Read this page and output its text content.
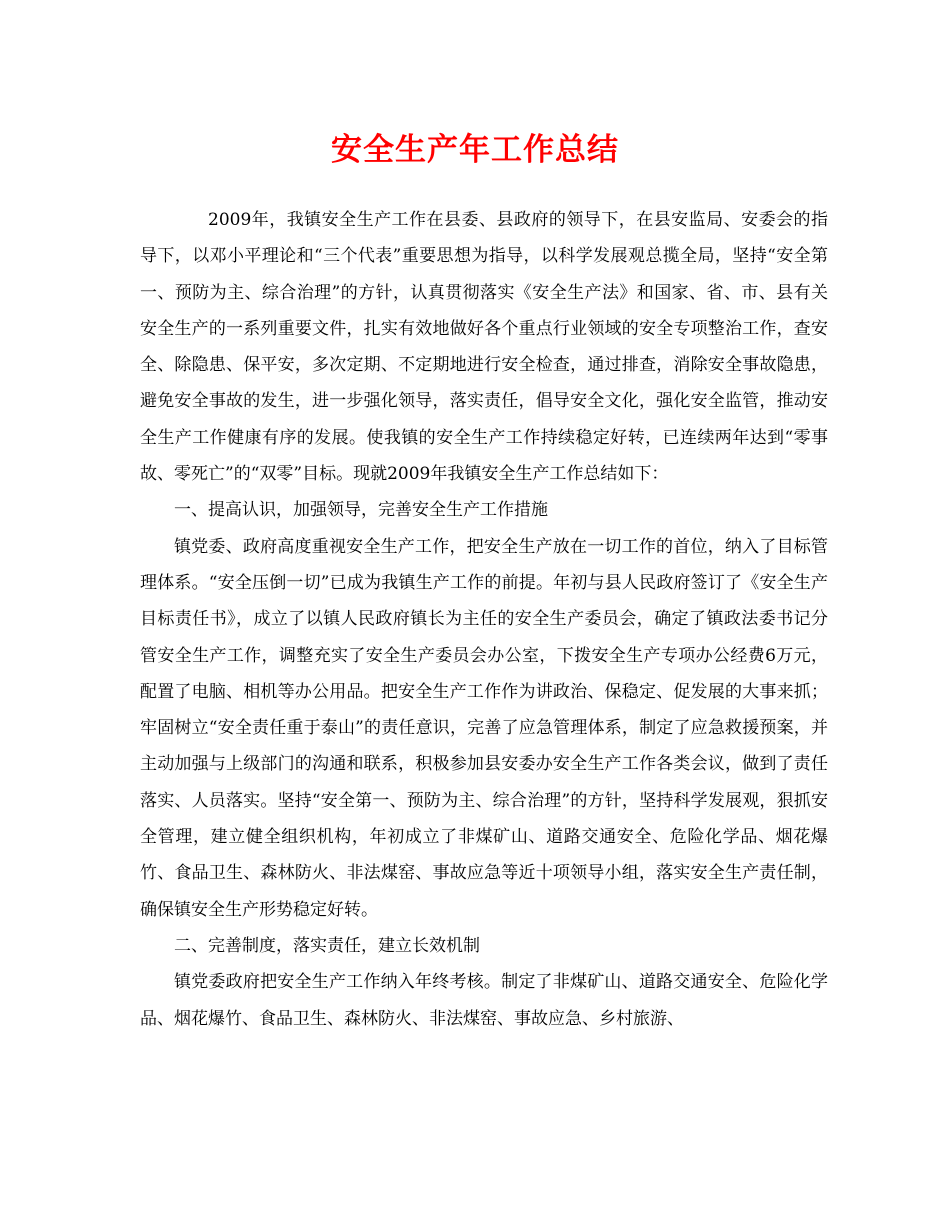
安全生产年工作总结

2009年，我镇安全生产工作在县委、县政府的领导下，在县安监局、安委会的指导下，以邓小平理论和“三个代表”重要思想为指导，以科学发展观总揽全局，坚持“安全第一、预防为主、综合治理”的方针，认真贯彻落实《安全生产法》和国家、省、市、县有关安全生产的一系列重要文件，扎实有效地做好各个重点行业领域的安全专项整治工作，查安全、除隐患、保平安，多次定期、不定期地进行安全检查，通过排查，消除安全事故隐患，避免安全事故的发生，进一步强化领导，落实责任，倡导安全文化，强化安全监管，推动安全生产工作健康有序的发展。使我镇的安全生产工作持续稳定好转，已连续两年达到“零事故、零死亡”的“双零”目标。现就2009年我镇安全生产工作总结如下：

一、提高认识，加强领导，完善安全生产工作措施

镇党委、政府高度重视安全生产工作，把安全生产放在一切工作的首位，纳入了目标管理体系。“安全压倒一切”已成为我镇生产工作的前提。年初与县人民政府签订了《安全生产目标责任书》，成立了以镇人民政府镇长为主任的安全生产委员会，确定了镇政法委书记分管安全生产工作，调整充实了安全生产委员会办公室，下拨安全生产专项办公经费6万元，配置了电脑、相机等办公用品。把安全生产工作作为讲政治、保稳定、促发展的大事来抓；牢固树立“安全责任重于泰山”的责任意识，完善了应急管理体系，制定了应急救援预案，并主动加强与上级部门的沟通和联系，积极参加县安委办安全生产工作各类会议，做到了责任落实、人员落实。坚持“安全第一、预防为主、综合治理”的方针，坚持科学发展观，狠抓安全管理，建立健全组织机构，年初成立了非煤矿山、道路交通安全、危险化学品、烟花爆竹、食品卫生、森林防火、非法煤窑、事故应急等近十项领导小组，落实安全生产责任制，确保镇安全生产形势稳定好转。

二、完善制度，落实责任，建立长效机制

镇党委政府把安全生产工作纳入年终考核。制定了非煤矿山、道路交通安全、危险化学品、烟花爆竹、食品卫生、森林防火、非法煤窑、事故应急、乡村旅游、
